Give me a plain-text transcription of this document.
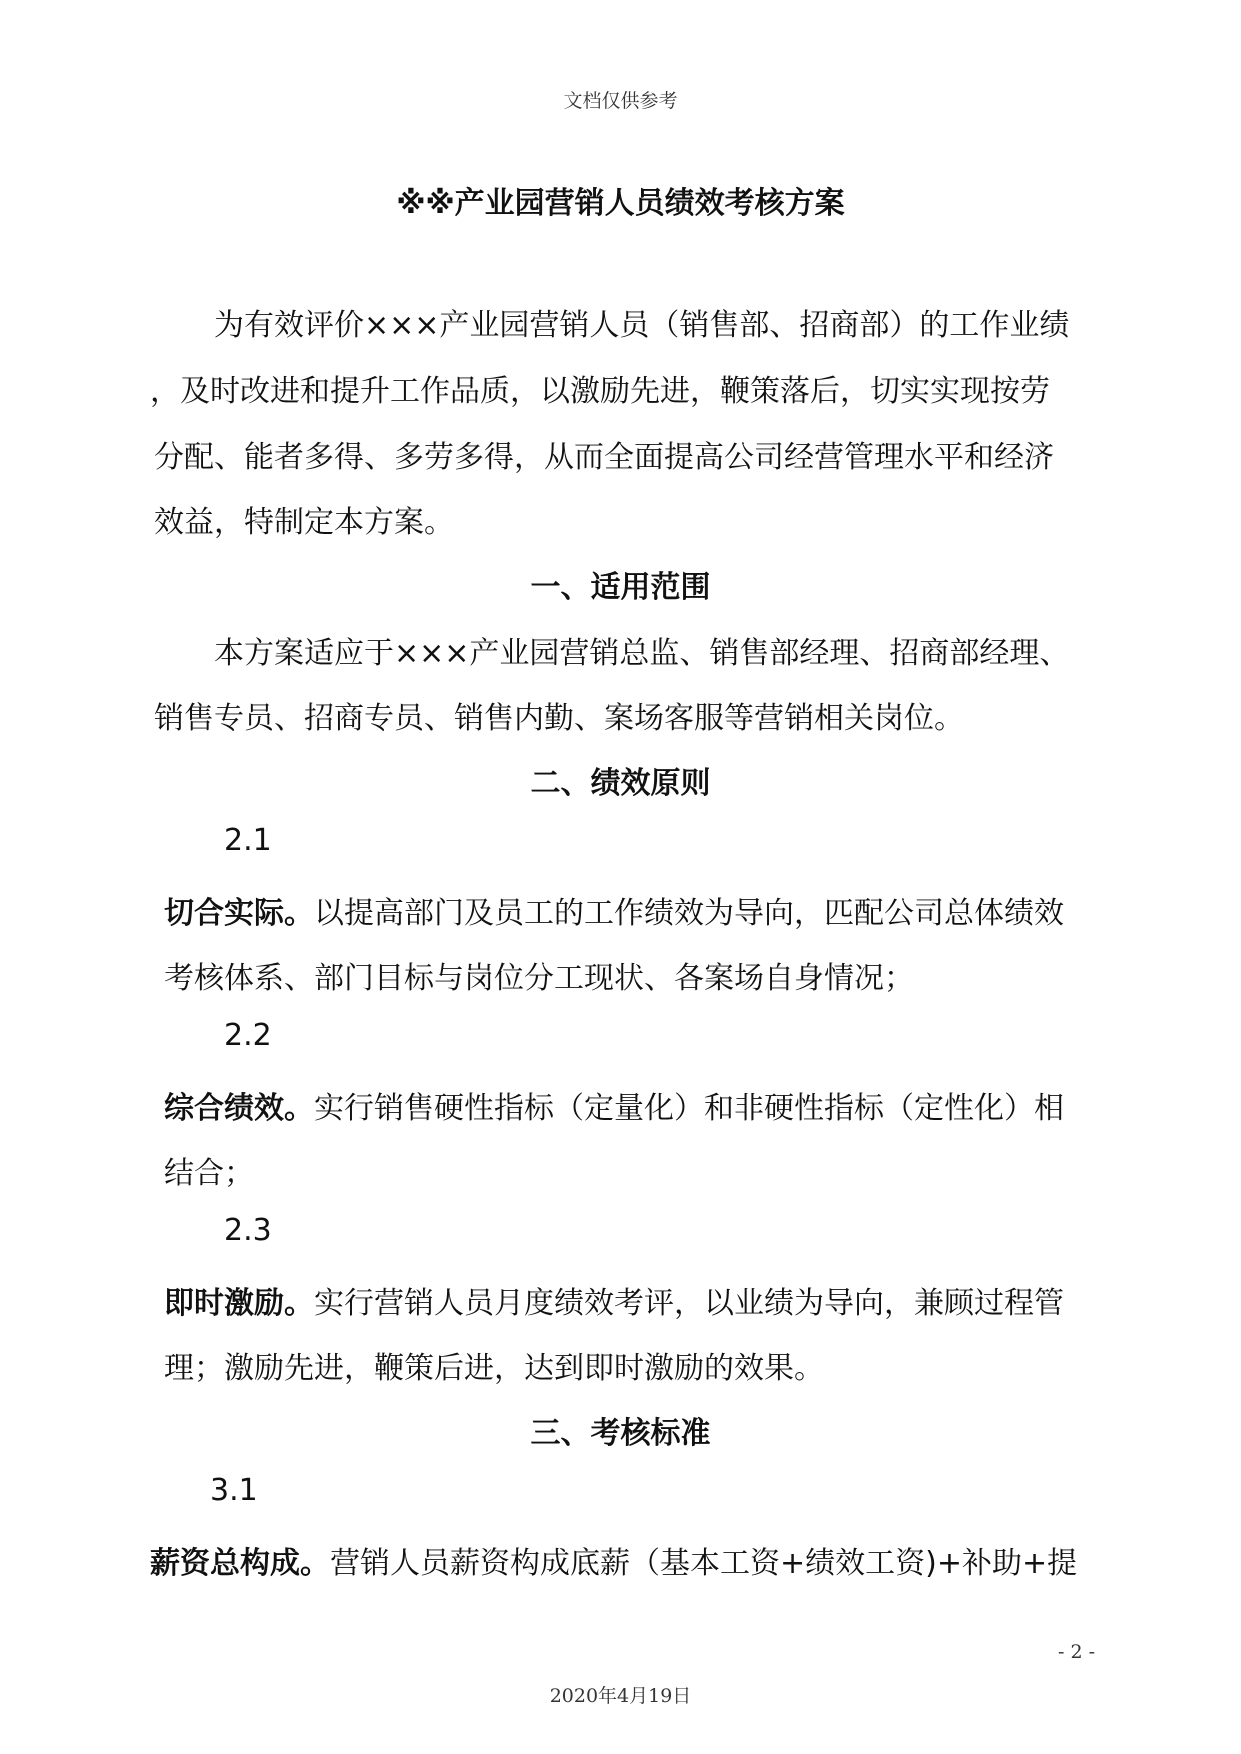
文档仅供参考
※※产业园营销人员绩效考核方案
为有效评价×××产业园营销人员（销售部、招商部）的工作业绩
，及时改进和提升工作品质，以激励先进，鞭策落后，切实实现按劳
分配、能者多得、多劳多得，从而全面提高公司经营管理水平和经济
效益，特制定本方案。
一、适用范围
本方案适应于×××产业园营销总监、销售部经理、招商部经理、
销售专员、招商专员、销售内勤、案场客服等营销相关岗位。
二、绩效原则
2.1
切合实际。以提高部门及员工的工作绩效为导向，匹配公司总体绩效
考核体系、部门目标与岗位分工现状、各案场自身情况；
2.2
综合绩效。实行销售硬性指标（定量化）和非硬性指标（定性化）相
结合；
2.3
即时激励。实行营销人员月度绩效考评，以业绩为导向，兼顾过程管
理；激励先进，鞭策后进，达到即时激励的效果。
三、考核标准
3.1
薪资总构成。营销人员薪资构成底薪（基本工资+绩效工资)+补助+提
- 2 -
2020年4月19日
